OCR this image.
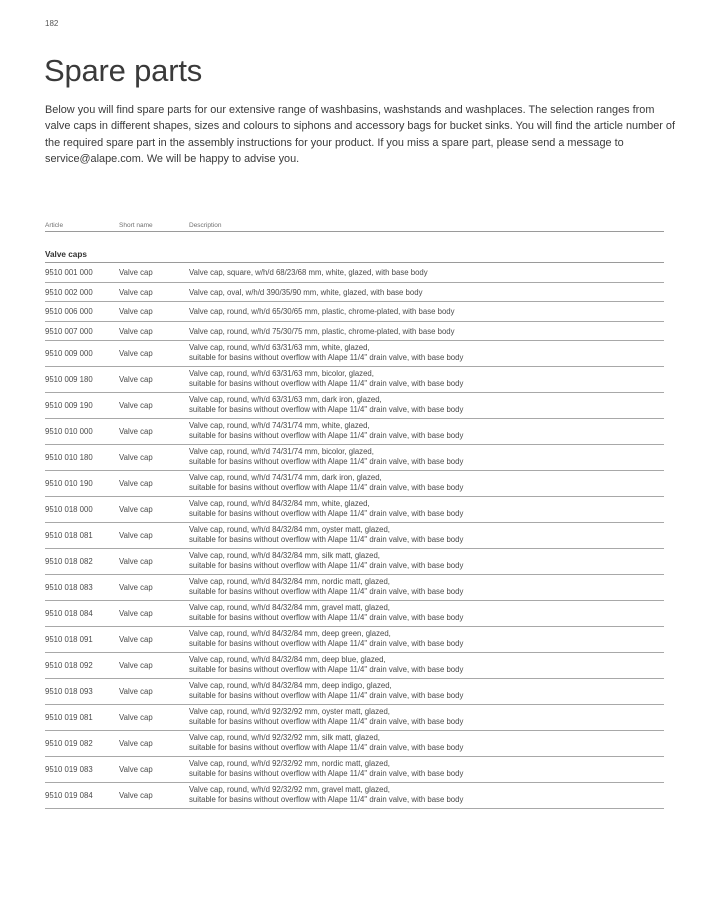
182
Spare parts

Below you will find spare parts for our extensive range of washbasins, washstands and washplaces. The selection ranges from valve caps in different shapes, sizes and colours to siphons and accessory bags for bucket sinks. You will find the article number of the required spare part in the assembly instructions for your product. If you miss a spare part, please send a message to service@alape.com. We will be happy to advise you.

Article	Short name	Description
Valve caps
9510 001 000	Valve cap	Valve cap, square, w/h/d 68/23/68 mm, white, glazed, with base body
9510 002 000	Valve cap	Valve cap, oval, w/h/d 390/35/90 mm, white, glazed, with base body
9510 006 000	Valve cap	Valve cap, round, w/h/d 65/30/65 mm, plastic, chrome-plated, with base body
9510 007 000	Valve cap	Valve cap, round, w/h/d 75/30/75 mm, plastic, chrome-plated, with base body
9510 009 000	Valve cap
Valve cap, round, w/h/d 63/31/63 mm, white, glazed,
suitable for basins without overflow with Alape 11/4" drain valve, with base body
9510 009 180	Valve cap
Valve cap, round, w/h/d 63/31/63 mm, bicolor, glazed,
suitable for basins without overflow with Alape 11/4" drain valve, with base body
9510 009 190	Valve cap
Valve cap, round, w/h/d 63/31/63 mm, dark iron, glazed,
suitable for basins without overflow with Alape 11/4" drain valve, with base body
9510 010 000	Valve cap
Valve cap, round, w/h/d 74/31/74 mm, white, glazed,
suitable for basins without overflow with Alape 11/4" drain valve, with base body
9510 010 180	Valve cap
Valve cap, round, w/h/d 74/31/74 mm, bicolor, glazed,
suitable for basins without overflow with Alape 11/4" drain valve, with base body
9510 010 190	Valve cap
Valve cap, round, w/h/d 74/31/74 mm, dark iron, glazed,
suitable for basins without overflow with Alape 11/4" drain valve, with base body
9510 018 000	Valve cap
Valve cap, round, w/h/d 84/32/84 mm, white, glazed,
suitable for basins without overflow with Alape 11/4" drain valve, with base body
9510 018 081	Valve cap
Valve cap, round, w/h/d 84/32/84 mm, oyster matt, glazed,
suitable for basins without overflow with Alape 11/4" drain valve, with base body
9510 018 082	Valve cap
Valve cap, round, w/h/d 84/32/84 mm, silk matt, glazed,
suitable for basins without overflow with Alape 11/4" drain valve, with base body
9510 018 083	Valve cap
Valve cap, round, w/h/d 84/32/84 mm, nordic matt, glazed,
suitable for basins without overflow with Alape 11/4" drain valve, with base body
9510 018 084	Valve cap
Valve cap, round, w/h/d 84/32/84 mm, gravel matt, glazed,
suitable for basins without overflow with Alape 11/4" drain valve, with base body
9510 018 091	Valve cap
Valve cap, round, w/h/d 84/32/84 mm, deep green, glazed,
suitable for basins without overflow with Alape 11/4" drain valve, with base body
9510 018 092	Valve cap
Valve cap, round, w/h/d 84/32/84 mm, deep blue, glazed,
suitable for basins without overflow with Alape 11/4" drain valve, with base body
9510 018 093	Valve cap
Valve cap, round, w/h/d 84/32/84 mm, deep indigo, glazed,
suitable for basins without overflow with Alape 11/4" drain valve, with base body
9510 019 081	Valve cap
Valve cap, round, w/h/d 92/32/92 mm, oyster matt, glazed,
suitable for basins without overflow with Alape 11/4" drain valve, with base body
9510 019 082	Valve cap
Valve cap, round, w/h/d 92/32/92 mm, silk matt, glazed,
suitable for basins without overflow with Alape 11/4" drain valve, with base body
9510 019 083	Valve cap
Valve cap, round, w/h/d 92/32/92 mm, nordic matt, glazed,
suitable for basins without overflow with Alape 11/4" drain valve, with base body
9510 019 084	Valve cap
Valve cap, round, w/h/d 92/32/92 mm, gravel matt, glazed,
suitable for basins without overflow with Alape 11/4" drain valve, with base body
